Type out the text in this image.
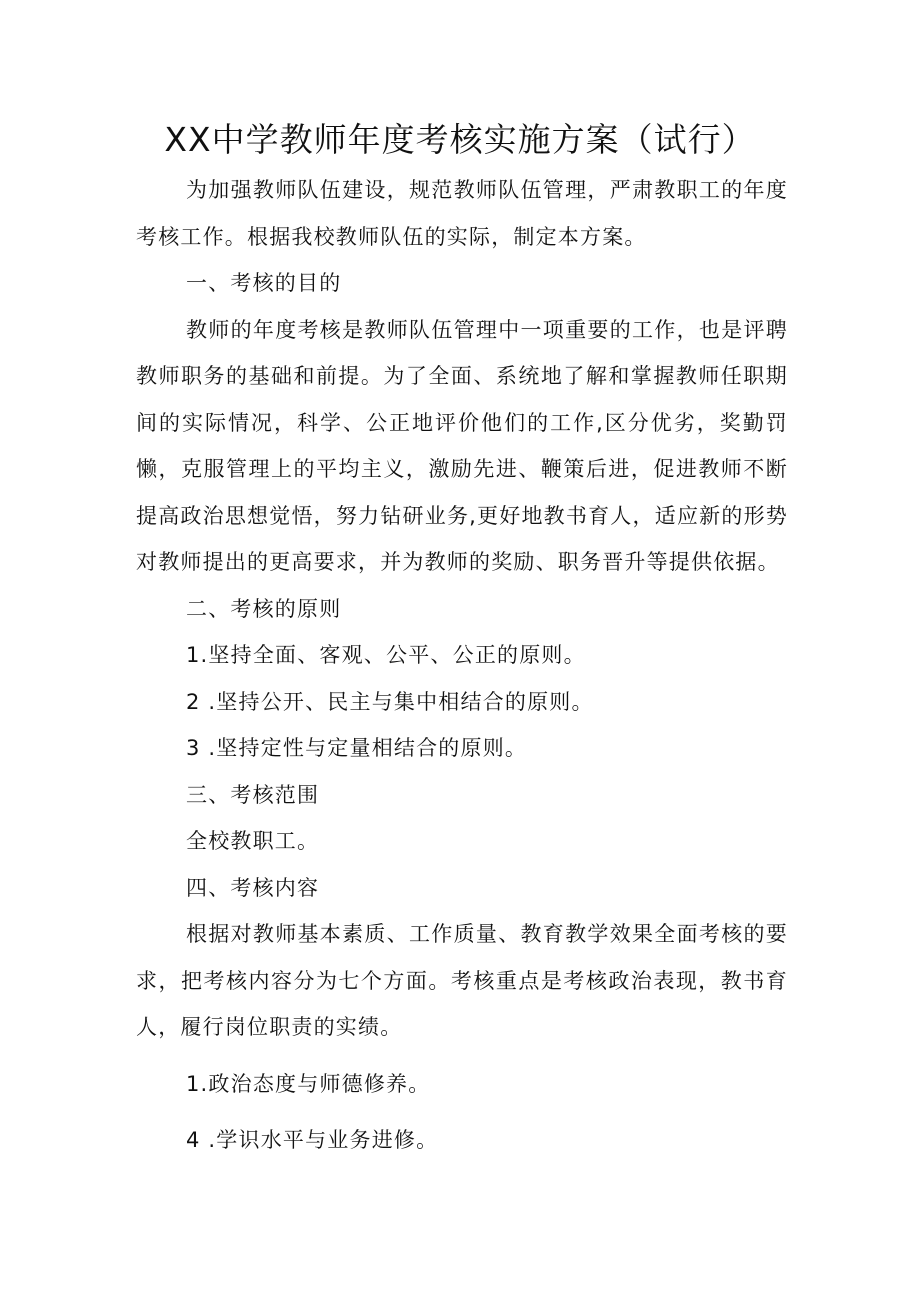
XX中学教师年度考核实施方案（试行）

为加强教师队伍建设，规范教师队伍管理，严肃教职工的年度考核工作。根据我校教师队伍的实际，制定本方案。

一、考核的目的

教师的年度考核是教师队伍管理中一项重要的工作，也是评聘教师职务的基础和前提。为了全面、系统地了解和掌握教师任职期间的实际情况，科学、公正地评价他们的工作,区分优劣，奖勤罚懒，克服管理上的平均主义，激励先进、鞭策后进，促进教师不断提高政治思想觉悟，努力钻研业务,更好地教书育人，适应新的形势对教师提出的更高要求，并为教师的奖励、职务晋升等提供依据。

二、考核的原则

1.坚持全面、客观、公平、公正的原则。

2 .坚持公开、民主与集中相结合的原则。

3 .坚持定性与定量相结合的原则。

三、考核范围

全校教职工。

四、考核内容

根据对教师基本素质、工作质量、教育教学效果全面考核的要求，把考核内容分为七个方面。考核重点是考核政治表现，教书育人，履行岗位职责的实绩。

1.政治态度与师德修养。

4 .学识水平与业务进修。
